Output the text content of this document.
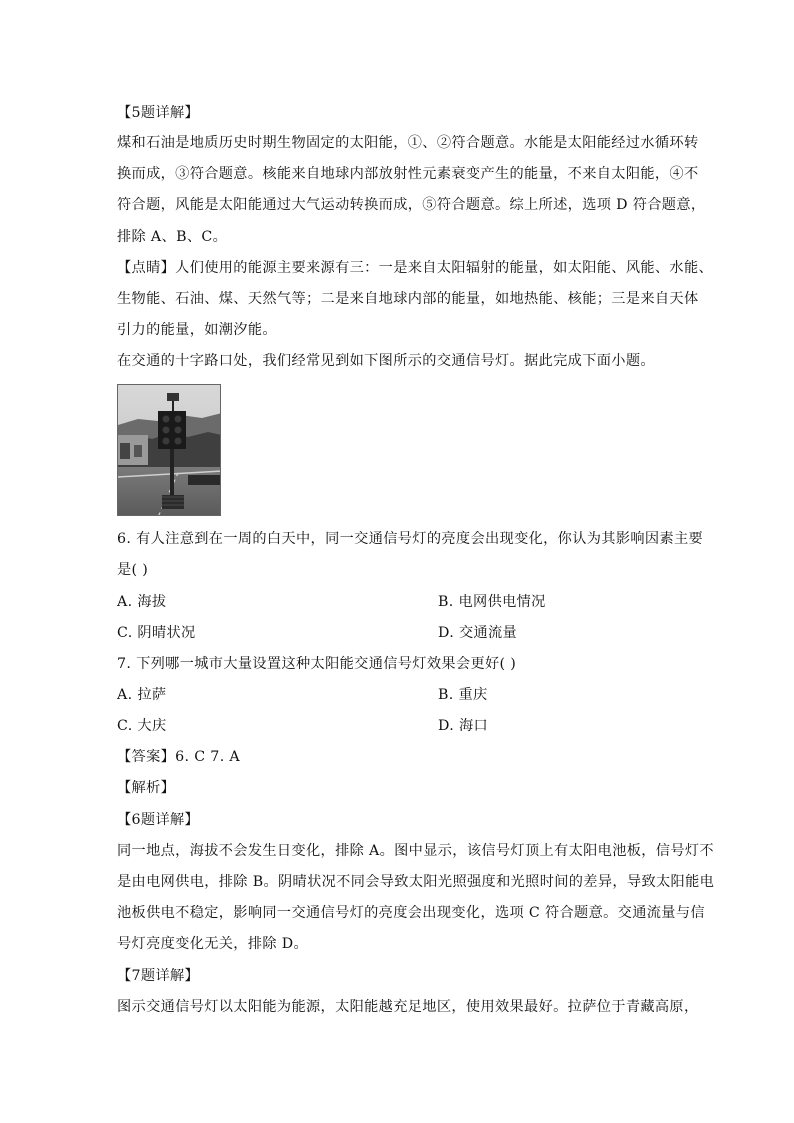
【5题详解】
煤和石油是地质历史时期生物固定的太阳能，①、②符合题意。水能是太阳能经过水循环转
换而成，③符合题意。核能来自地球内部放射性元素衰变产生的能量，不来自太阳能，④不
符合题，风能是太阳能通过大气运动转换而成，⑤符合题意。综上所述，选项 D 符合题意，
排除 A、B、C。
【点睛】人们使用的能源主要来源有三：一是来自太阳辐射的能量，如太阳能、风能、水能、
生物能、石油、煤、天然气等；二是来自地球内部的能量，如地热能、核能；三是来自天体
引力的能量，如潮汐能。
在交通的十字路口处，我们经常见到如下图所示的交通信号灯。据此完成下面小题。
6. 有人注意到在一周的白天中，同一交通信号灯的亮度会出现变化，你认为其影响因素主要
是( )
A. 海拔	B. 电网供电情况
C. 阴晴状况	D. 交通流量
7. 下列哪一城市大量设置这种太阳能交通信号灯效果会更好( )
A. 拉萨	B. 重庆
C. 大庆	D. 海口
【答案】6. C 7. A
【解析】
【6题详解】
同一地点，海拔不会发生日变化，排除 A。图中显示，该信号灯顶上有太阳电池板，信号灯不
是由电网供电，排除 B。阴晴状况不同会导致太阳光照强度和光照时间的差异，导致太阳能电
池板供电不稳定，影响同一交通信号灯的亮度会出现变化，选项 C 符合题意。交通流量与信
号灯亮度变化无关，排除 D。
【7题详解】
图示交通信号灯以太阳能为能源，太阳能越充足地区，使用效果最好。拉萨位于青藏高原，
